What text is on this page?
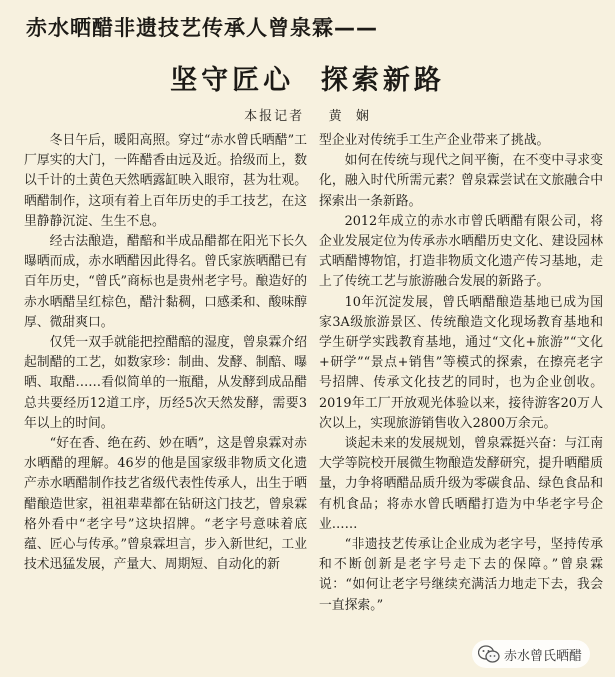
赤水晒醋非遗技艺传承人曾泉霖——
坚守匠心  探索新路
本报记者    黄  娴

冬日午后，暖阳高照。穿过“赤水曾氏晒醋”工厂厚实的大门，一阵醋香由远及近。拾级而上，数以千计的土黄色天然晒露缸映入眼帘，甚为壮观。晒醋制作，这项有着上百年历史的手工技艺，在这里静静沉淀、生生不息。

经古法酿造，醋醅和半成品醋都在阳光下长久曝晒而成，赤水晒醋因此得名。曾氏家族晒醋已有百年历史，“曾氏”商标也是贵州老字号。酿造好的赤水晒醋呈红棕色，醋汁黏稠，口感柔和、酸味醇厚、微甜爽口。

仅凭一双手就能把控醋醅的湿度，曾泉霖介绍起制醋的工艺，如数家珍：制曲、发酵、制醅、曝晒、取醋……看似简单的一瓶醋，从发酵到成品醋总共要经历12道工序，历经5次天然发酵，需要3年以上的时间。

“好在香、绝在药、妙在晒”，这是曾泉霖对赤水晒醋的理解。46岁的他是国家级非物质文化遗产赤水晒醋制作技艺省级代表性传承人，出生于晒醋酿造世家，祖祖辈辈都在钻研这门技艺，曾泉霖格外看中“老字号”这块招牌。“老字号意味着底蕴、匠心与传承。”曾泉霖坦言，步入新世纪，工业技术迅猛发展，产量大、周期短、自动化的新

型企业对传统手工生产企业带来了挑战。

如何在传统与现代之间平衡，在不变中寻求变化，融入时代所需元素？曾泉霖尝试在文旅融合中探索出一条新路。

2012年成立的赤水市曾氏晒醋有限公司，将企业发展定位为传承赤水晒醋历史文化、建设园林式晒醋博物馆，打造非物质文化遗产传习基地，走上了传统工艺与旅游融合发展的新路子。

10年沉淀发展，曾氏晒醋酿造基地已成为国家3A级旅游景区、传统酿造文化现场教育基地和学生研学实践教育基地，通过“文化+旅游”“文化+研学”“景点+销售”等模式的探索，在擦亮老字号招牌、传承文化技艺的同时，也为企业创收。2019年工厂开放观光体验以来，接待游客20万人次以上，实现旅游销售收入2800万余元。

谈起未来的发展规划，曾泉霖挺兴奋：与江南大学等院校开展微生物酿造发酵研究，提升晒醋质量，力争将晒醋品质升级为零碳食品、绿色食品和有机食品；将赤水曾氏晒醋打造为中华老字号企业……

“非遗技艺传承让企业成为老字号，坚持传承和不断创新是老字号走下去的保障。”曾泉霖说：“如何让老字号继续充满活力地走下去，我会一直探索。”

赤水曾氏晒醋
